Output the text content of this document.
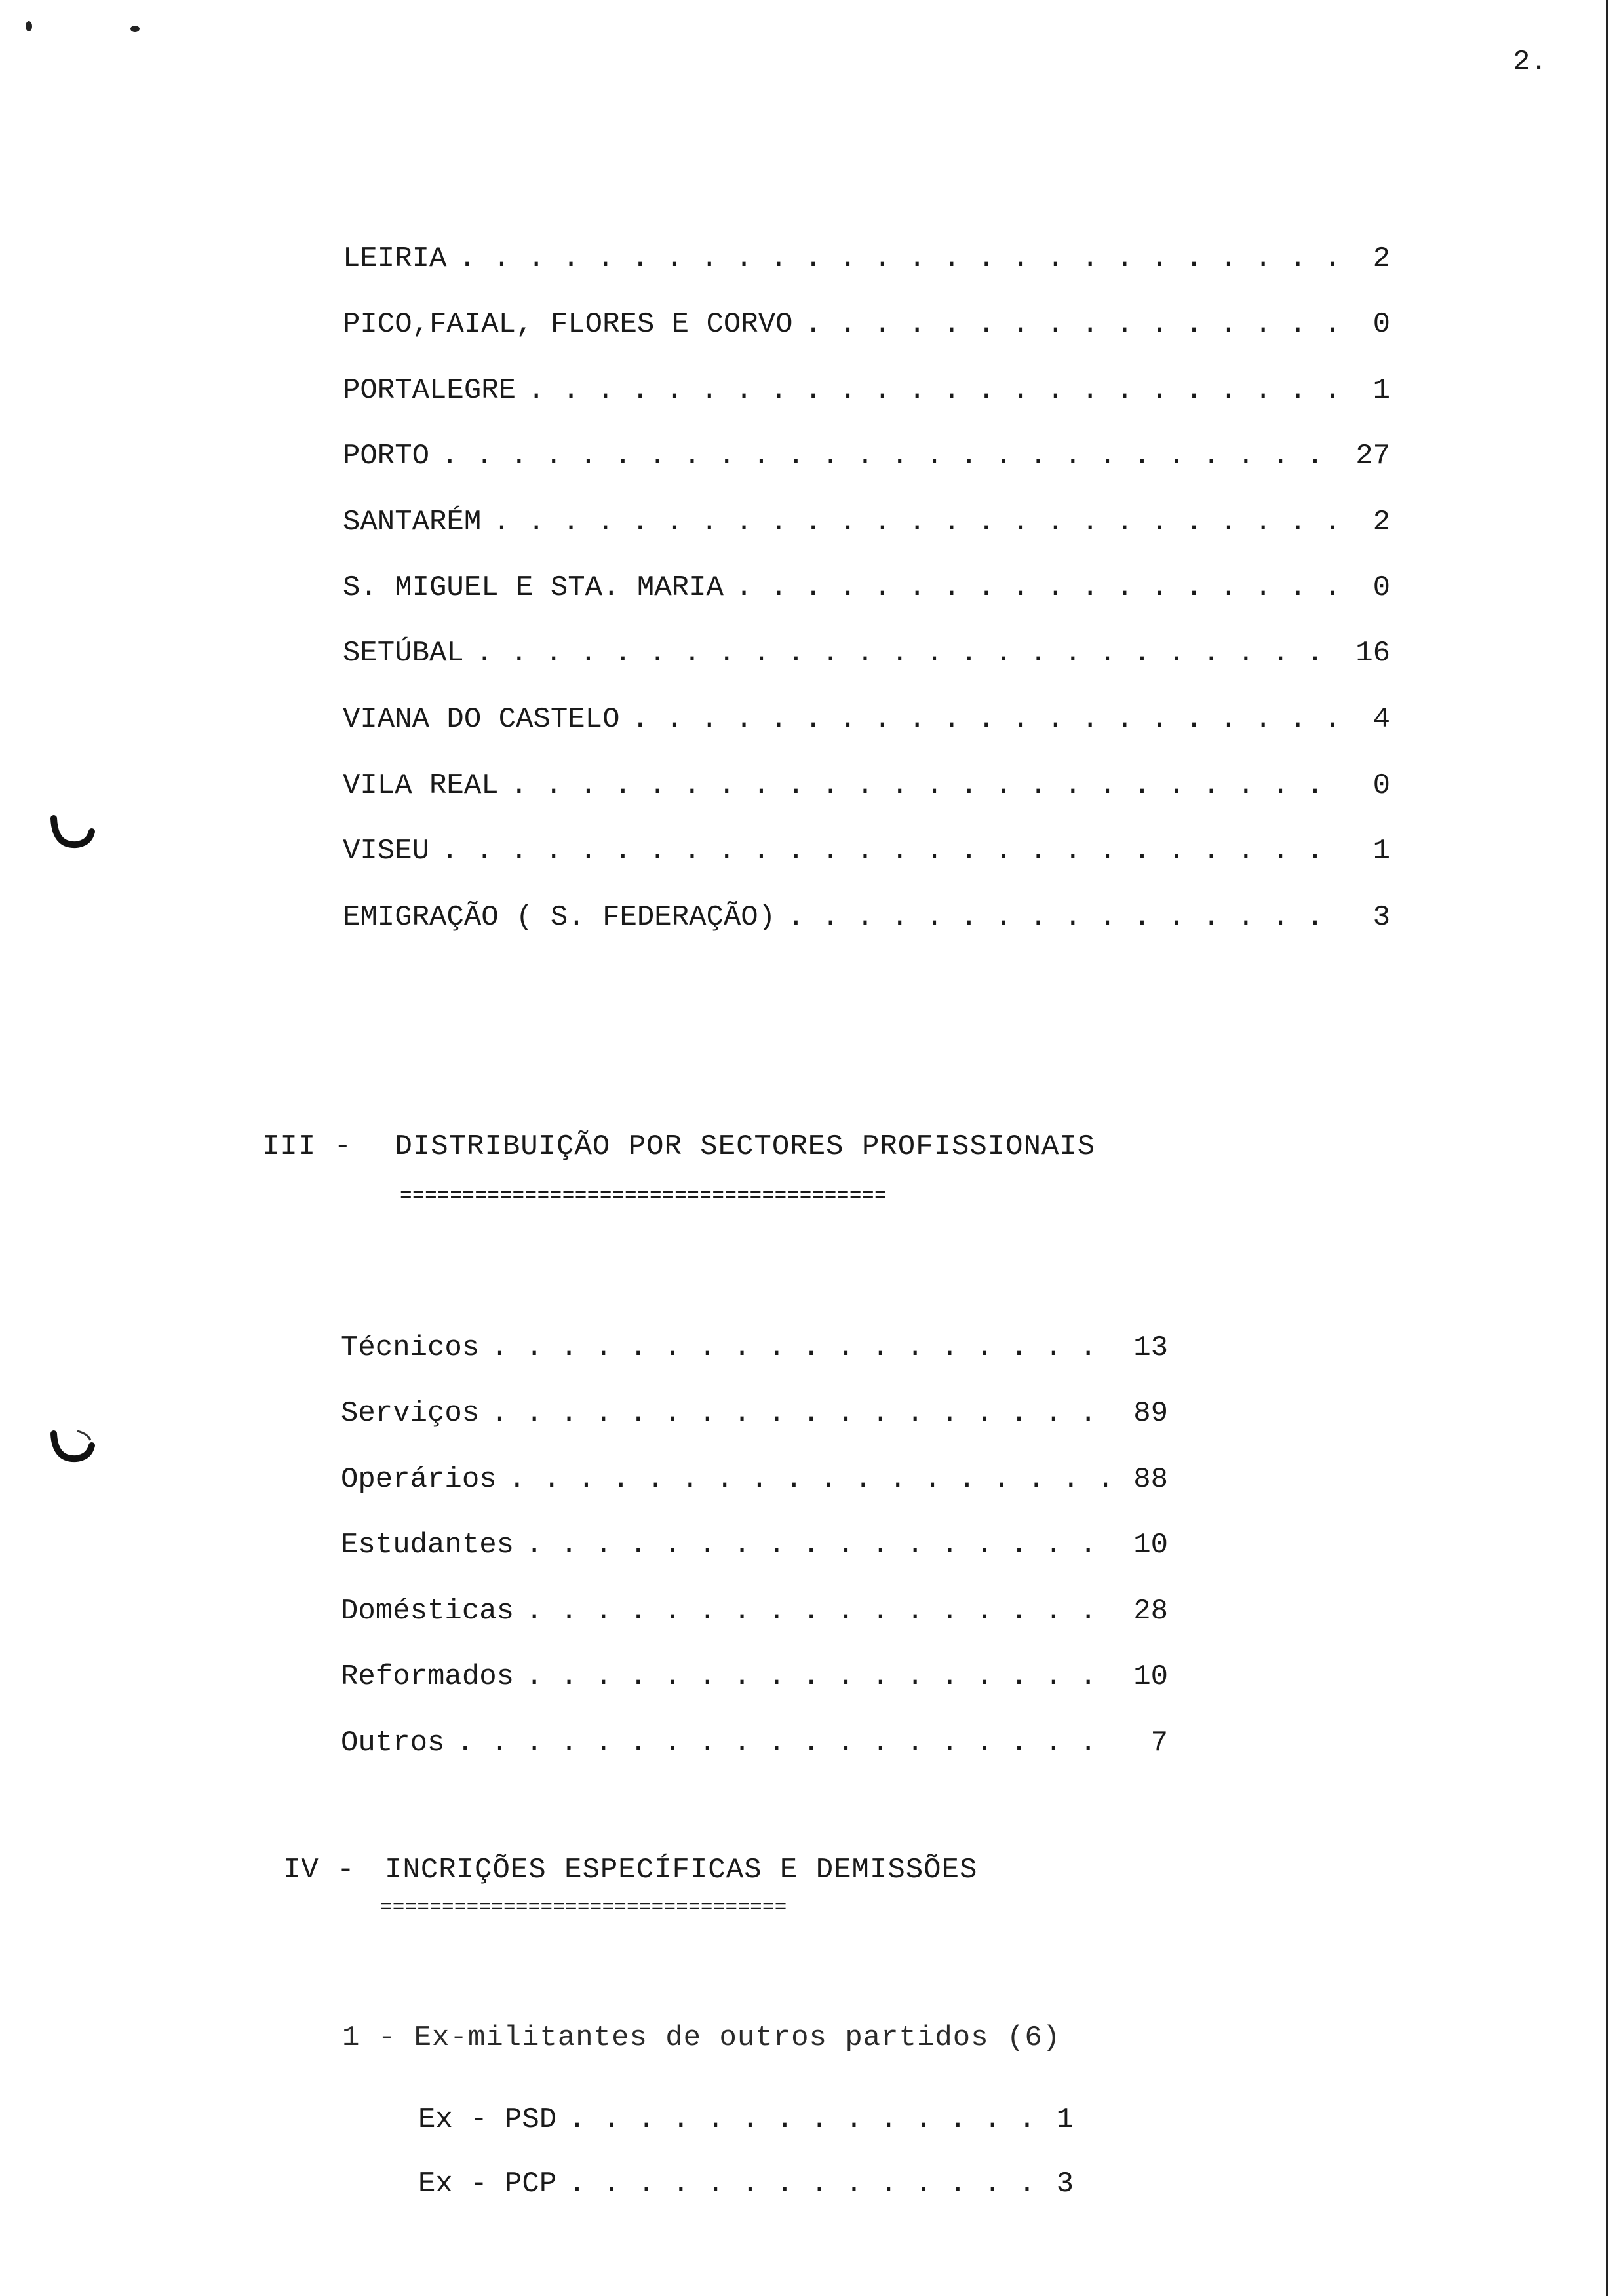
2.
LEIRIA . . .	2
PICO,FAIAL, FLORES E CORVO . . .	0
PORTALEGRE . . .	1
PORTO . . .	27
SANTARÉM . . .	2
S. MIGUEL E STA. MARIA . . .	0
SETÚBAL . . .	16
VIANA DO CASTELO . . .	4
VILA REAL . . .	0
VISEU . . .	1
EMIGRAÇÃO ( S. FEDERAÇÃO) . . .	3
III - DISTRIBUIÇÃO POR SECTORES PROFISSIONAIS
=======================================
Técnicos . . .	13
Serviços . . .	89
Operários . . .	88
Estudantes . . .	10
Domésticas . . .	28
Reformados . . .	10
Outros . . .	7
IV - INCRIÇÕES ESPECÍFICAS E DEMISSÕES
=================================
1 - Ex-militantes de outros partidos (6)
Ex - PSD . . .	1
Ex - PCP . . .	3
